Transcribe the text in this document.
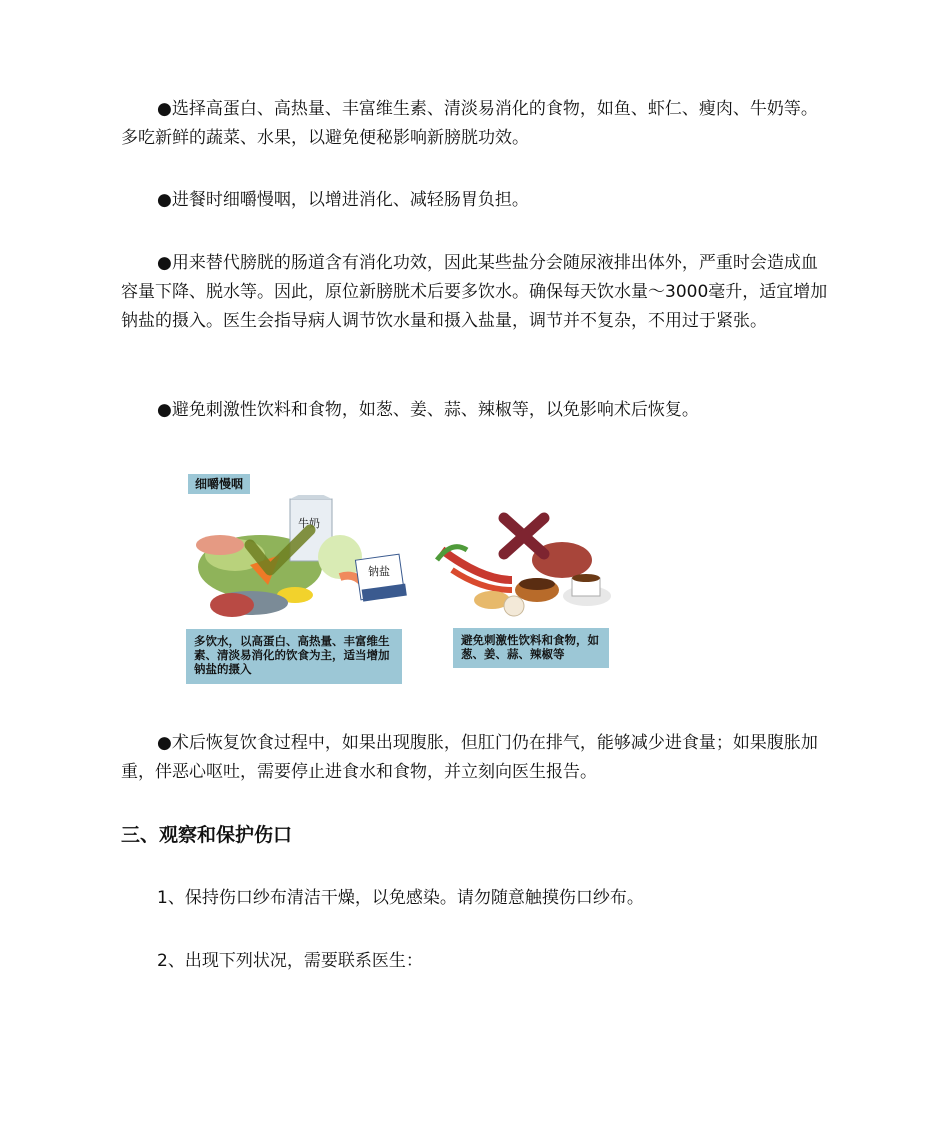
●选择高蛋白、高热量、丰富维生素、清淡易消化的食物，如鱼、虾仁、瘦肉、牛奶等。多吃新鲜的蔬菜、水果，以避免便秘影响新膀胱功效。

●进餐时细嚼慢咽，以增进消化、减轻肠胃负担。

●用来替代膀胱的肠道含有消化功效，因此某些盐分会随尿液排出体外，严重时会造成血容量下降、脱水等。因此，原位新膀胱术后要多饮水。确保每天饮水量～3000毫升，适宜增加钠盐的摄入。医生会指导病人调节饮水量和摄入盐量，调节并不复杂，不用过于紧张。

●避免刺激性饮料和食物，如葱、姜、蒜、辣椒等，以免影响术后恢复。

细嚼慢咽
牛奶
钠盐
多饮水，以高蛋白、高热量、丰富维生素、清淡易消化的饮食为主，适当增加钠盐的摄入
避免刺激性饮料和食物，如葱、姜、蒜、辣椒等

●术后恢复饮食过程中，如果出现腹胀，但肛门仍在排气，能够减少进食量；如果腹胀加重，伴恶心呕吐，需要停止进食水和食物，并立刻向医生报告。

三、观察和保护伤口

1、保持伤口纱布清洁干燥，以免感染。请勿随意触摸伤口纱布。

2、出现下列状况，需要联系医生：
